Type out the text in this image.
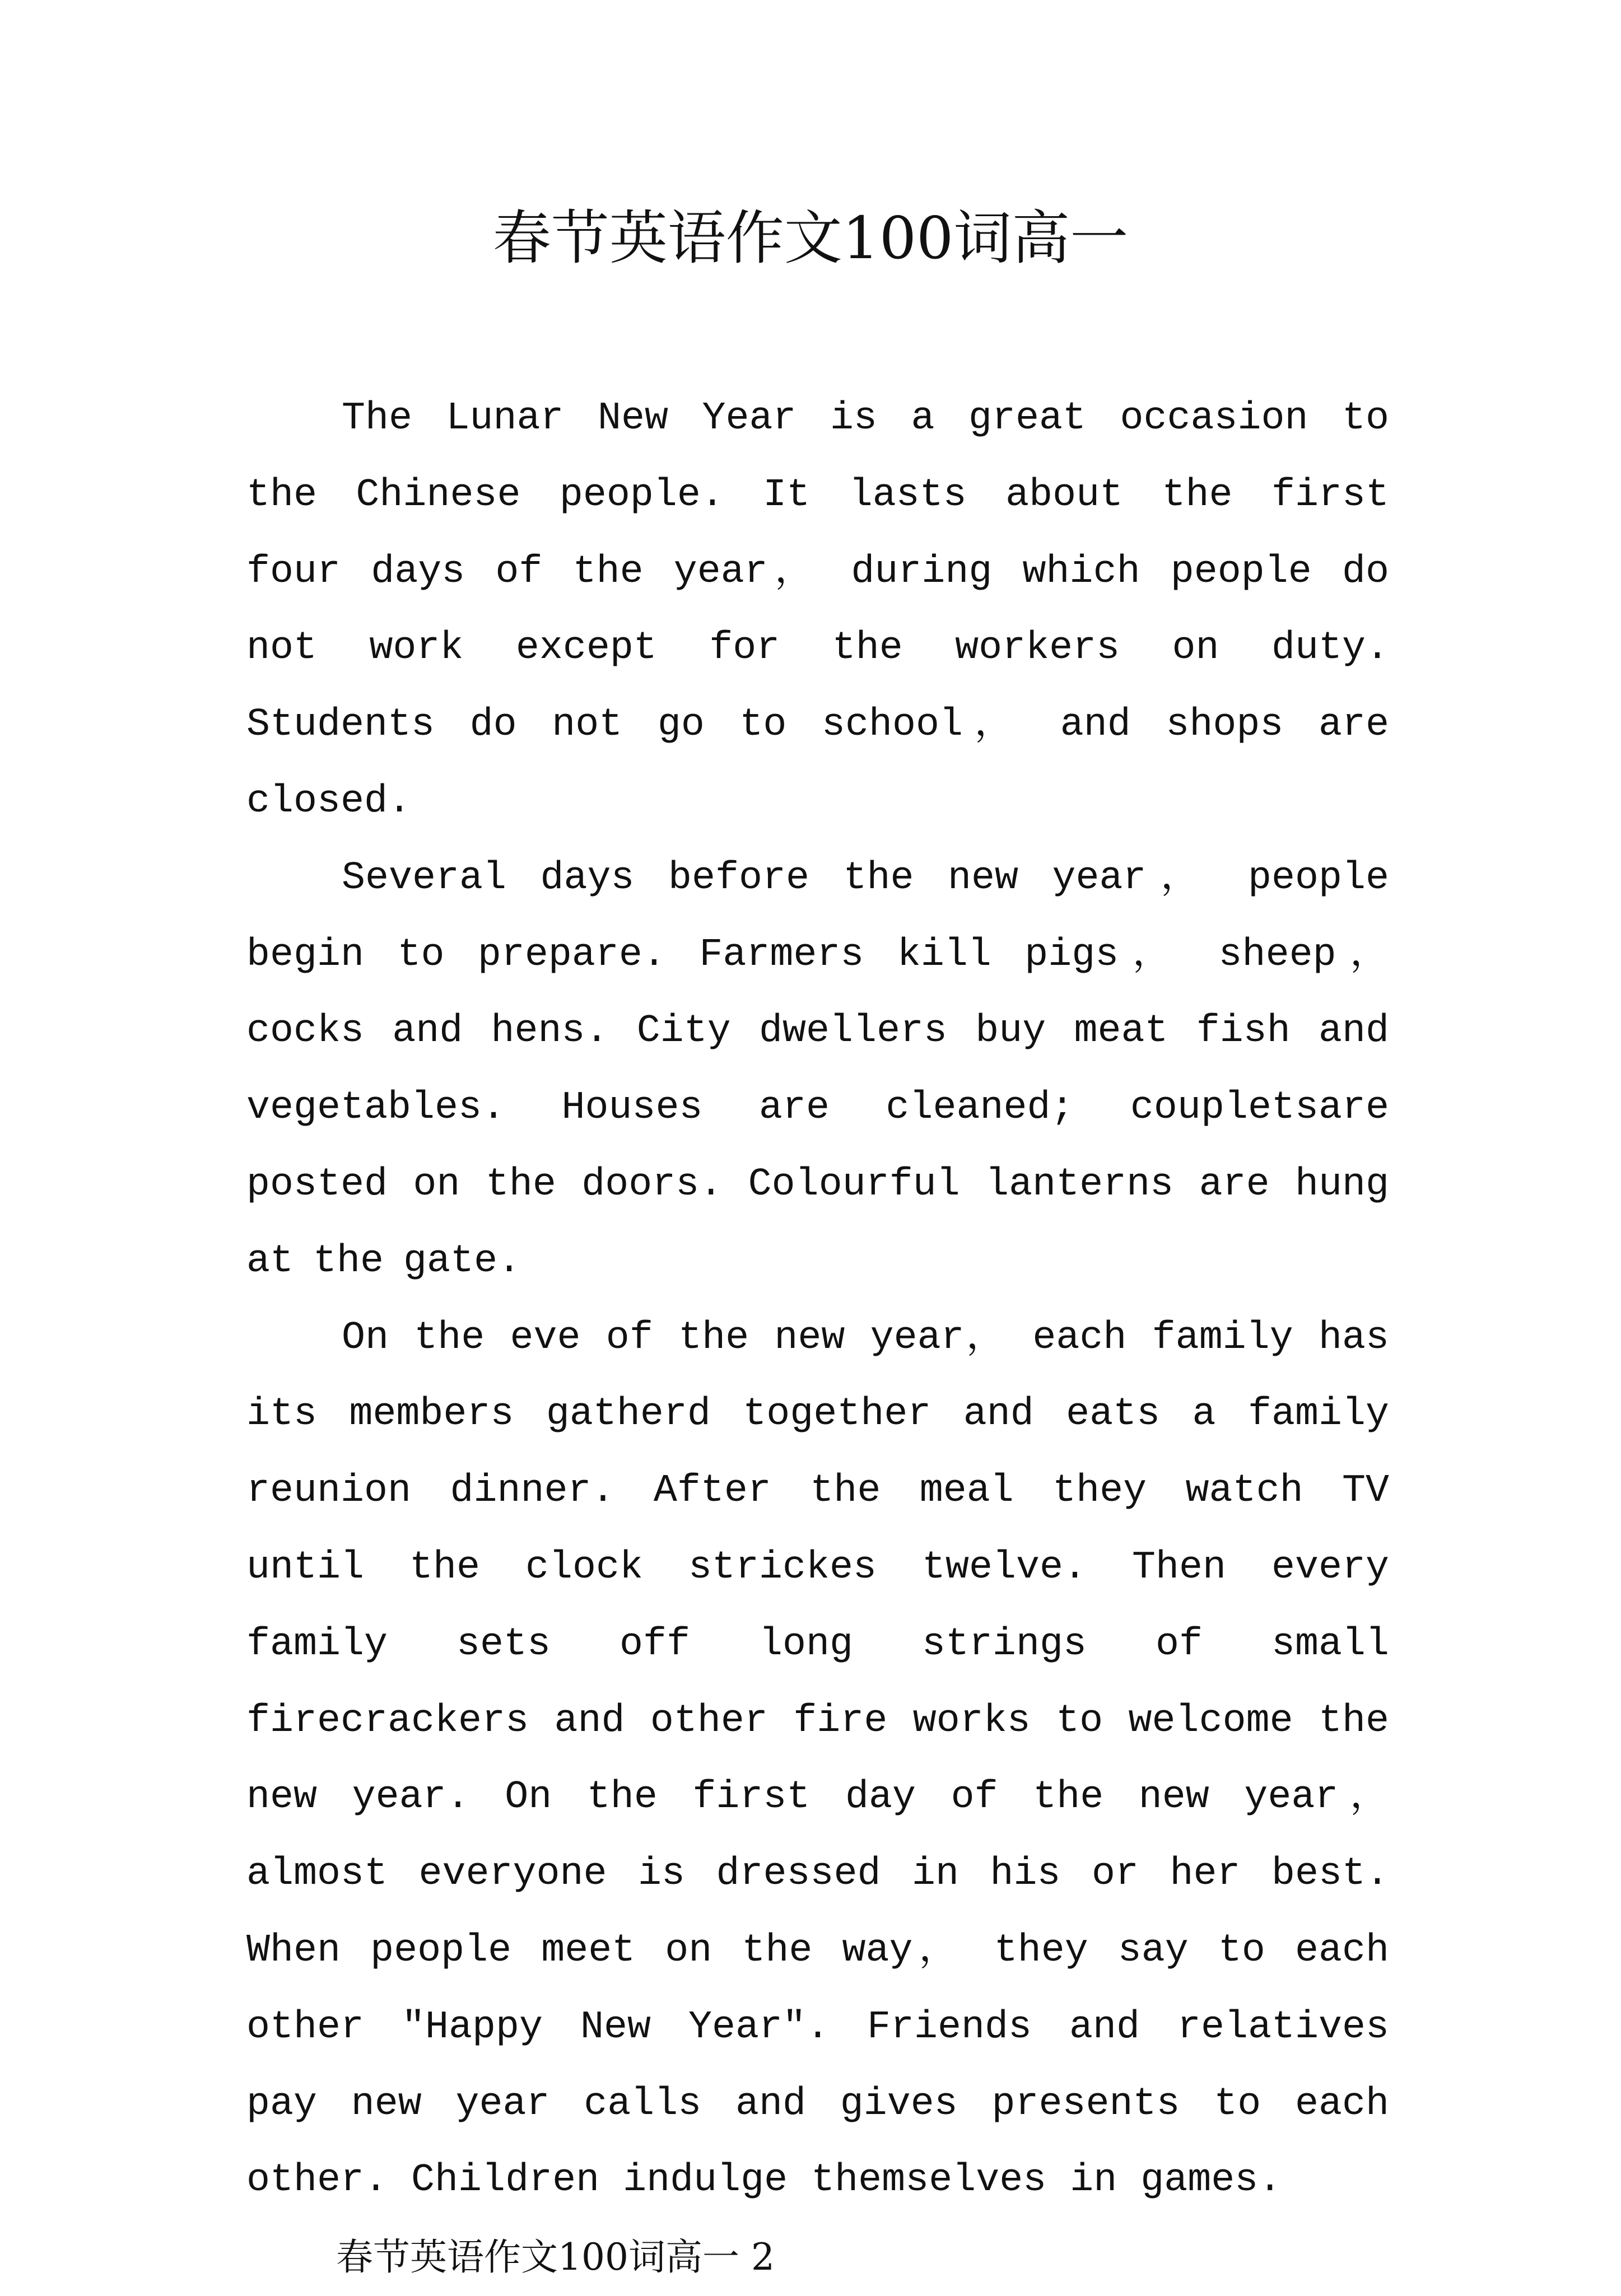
春节英语作文100词高一

The Lunar New Year is a great occasion to the Chinese people. It lasts about the first four days of the year， during which people do not work except for the workers on duty. Students do not go to school， and shops are closed.

Several days before the new year， people begin to prepare. Farmers kill pigs， sheep， cocks and hens. City dwellers buy meat fish and vegetables. Houses are cleaned; coupletsare posted on the doors. Colourful lanterns are hung at the gate.

On the eve of the new year， each family has its members gatherd together and eats a family reunion dinner. After the meal they watch TV until the clock strickes twelve. Then every family sets off long strings of small firecrackers and other fire works to welcome the new year. On the first day of the new year， almost everyone is dressed in his or her best. When people meet on the way， they say to each other "Happy New Year". Friends and relatives pay new year calls and gives presents to each other. Children indulge themselves in games.

春节英语作文100词高一 2
